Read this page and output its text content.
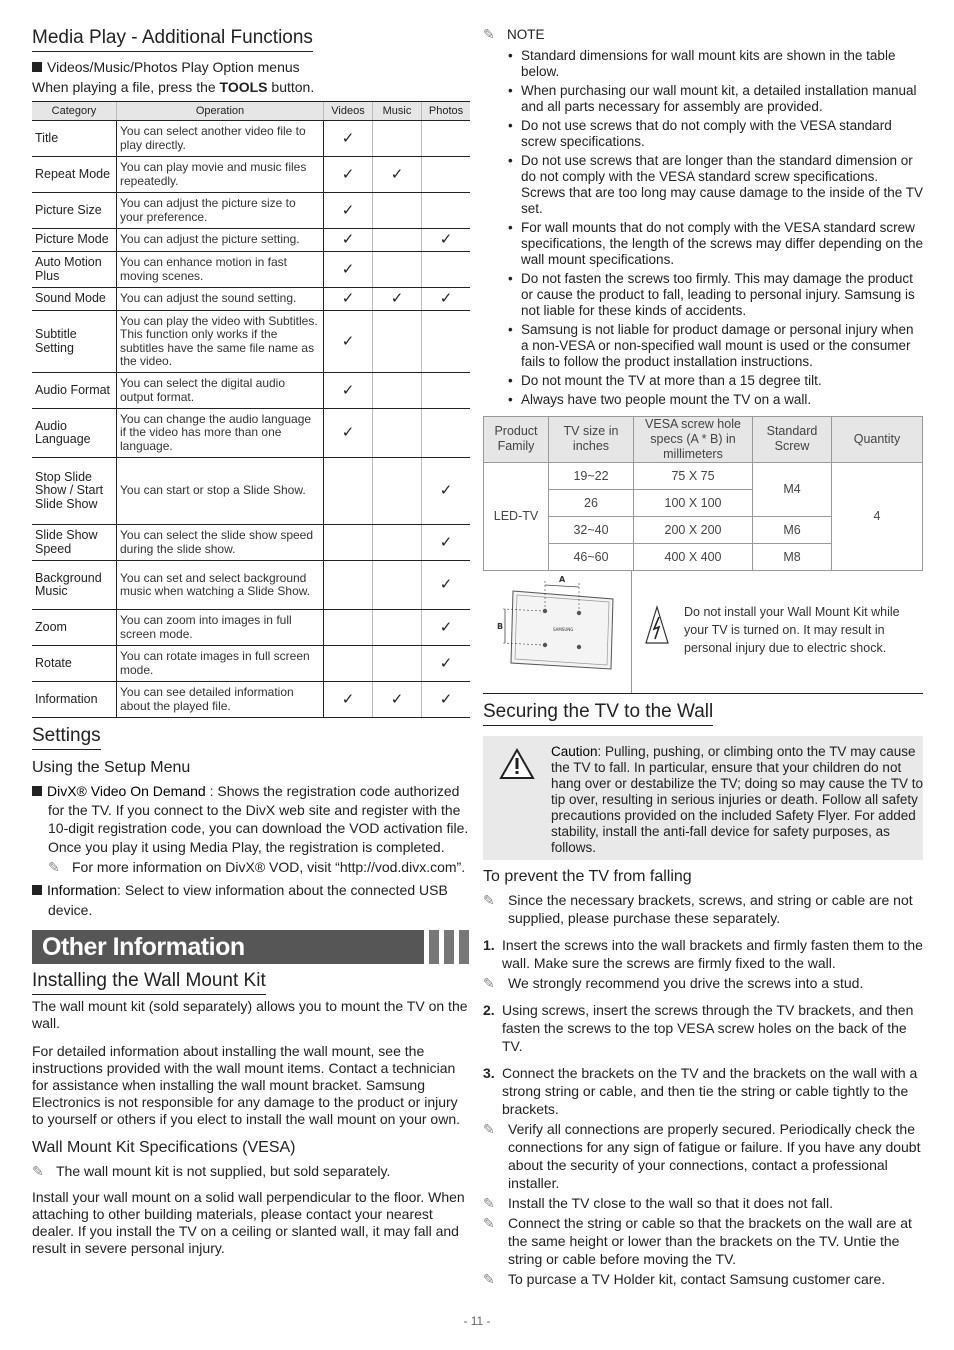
Media Play - Additional Functions
Videos/Music/Photos Play Option menus

When playing a file, press the TOOLS button.

Category	Operation	Videos	Music	Photos
Title	You can select another video file to play directly.	✓		
Repeat Mode	You can play movie and music files repeatedly.	✓	✓	
Picture Size	You can adjust the picture size to your preference.	✓		
Picture Mode	You can adjust the picture setting.	✓		✓
Auto Motion Plus	You can enhance motion in fast moving scenes.	✓		
Sound Mode	You can adjust the sound setting.	✓	✓	✓
Subtitle Setting	You can play the video with Subtitles. This function only works if the subtitles have the same file name as the video.	✓		
Audio Format	You can select the digital audio output format.	✓		
Audio Language	You can change the audio language if the video has more than one language.	✓		
Stop Slide Show / Start Slide Show	You can start or stop a Slide Show.			✓
Slide Show Speed	You can select the slide show speed during the slide show.			✓
Background Music	You can set and select background music when watching a Slide Show.			✓
Zoom	You can zoom into images in full screen mode.			✓
Rotate	You can rotate images in full screen mode.			✓
Information	You can see detailed information about the played file.	✓	✓	✓
Settings
Using the Setup Menu

DivX® Video On Demand : Shows the registration code authorized for the TV. If you connect to the DivX web site and register with the 10-digit registration code, you can download the VOD activation file. Once you play it using Media Play, the registration is completed.

✎ For more information on DivX® VOD, visit “http://vod.divx.com”.

Information: Select to view information about the connected USB device.

Other Information
Installing the Wall Mount Kit

The wall mount kit (sold separately) allows you to mount the TV on the wall.

For detailed information about installing the wall mount, see the instructions provided with the wall mount items. Contact a technician for assistance when installing the wall mount bracket. Samsung Electronics is not responsible for any damage to the product or injury to yourself or others if you elect to install the wall mount on your own.

Wall Mount Kit Specifications (VESA)
✎ The wall mount kit is not supplied, but sold separately.

Install your wall mount on a solid wall perpendicular to the floor. When attaching to other building materials, please contact your nearest dealer. If you install the TV on a ceiling or slanted wall, it may fall and result in severe personal injury.

✎ NOTE
• Standard dimensions for wall mount kits are shown in the table below.
• When purchasing our wall mount kit, a detailed installation manual and all parts necessary for assembly are provided.
• Do not use screws that do not comply with the VESA standard screw specifications.
• Do not use screws that are longer than the standard dimension or do not comply with the VESA standard screw specifications. Screws that are too long may cause damage to the inside of the TV set.
• For wall mounts that do not comply with the VESA standard screw specifications, the length of the screws may differ depending on the wall mount specifications.
• Do not fasten the screws too firmly. This may damage the product or cause the product to fall, leading to personal injury. Samsung is not liable for these kinds of accidents.
• Samsung is not liable for product damage or personal injury when a non-VESA or non-specified wall mount is used or the consumer fails to follow the product installation instructions.
• Do not mount the TV at more than a 15 degree tilt.
• Always have two people mount the TV on a wall.
Product Family	TV size in inches	VESA screw hole specs (A * B) in millimeters	Standard Screw	Quantity
LED-TV	19~22	75 X 75	M4	4
	26	100 X 100		
	32~40	200 X 200	M6	
	46~60	400 X 400	M8	
A
B	SAMSUNG
Do not install your Wall Mount Kit while your TV is turned on. It may result in personal injury due to electric shock.
Securing the TV to the Wall

Caution: Pulling, pushing, or climbing onto the TV may cause the TV to fall. In particular, ensure that your children do not hang over or destabilize the TV; doing so may cause the TV to tip over, resulting in serious injuries or death. Follow all safety precautions provided on the included Safety Flyer. For added stability, install the anti-fall device for safety purposes, as follows.

To prevent the TV from falling
✎ Since the necessary brackets, screws, and string or cable are not supplied, please purchase these separately.
1. Insert the screws into the wall brackets and firmly fasten them to the wall. Make sure the screws are firmly fixed to the wall.
✎ We strongly recommend you drive the screws into a stud.
2. Using screws, insert the screws through the TV brackets, and then fasten the screws to the top VESA screw holes on the back of the TV.
3. Connect the brackets on the TV and the brackets on the wall with a strong string or cable, and then tie the string or cable tightly to the brackets.
✎ Verify all connections are properly secured. Periodically check the connections for any sign of fatigue or failure. If you have any doubt about the security of your connections, contact a professional installer.
✎ Install the TV close to the wall so that it does not fall.
✎ Connect the string or cable so that the brackets on the wall are at the same height or lower than the brackets on the TV. Untie the string or cable before moving the TV.
✎ To purcase a TV Holder kit, contact Samsung customer care.
- 11 -
